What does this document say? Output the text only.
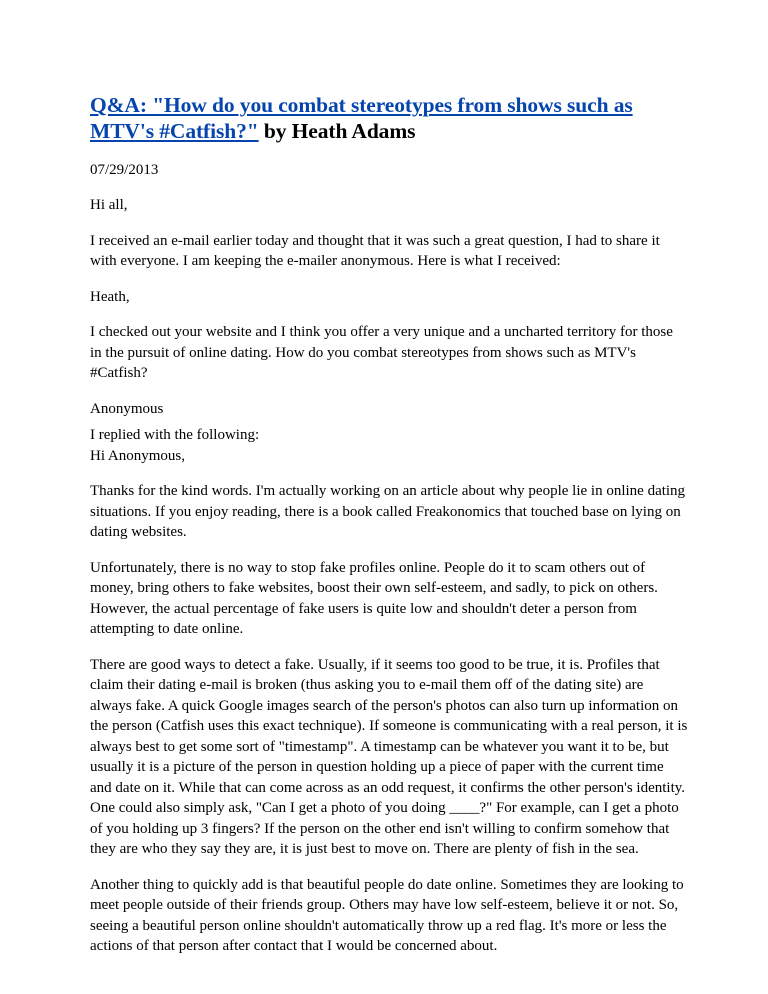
Q&A: "How do you combat stereotypes from shows such as MTV's #Catfish?" by Heath Adams
07/29/2013

Hi all,

I received an e-mail earlier today and thought that it was such a great question, I had to share it with everyone. I am keeping the e-mailer anonymous. Here is what I received:

Heath,

I checked out your website and I think you offer a very unique and a uncharted territory for those in the pursuit of online dating. How do you combat stereotypes from shows such as MTV's #Catfish?

Anonymous

I replied with the following:

Hi Anonymous,

Thanks for the kind words. I'm actually working on an article about why people lie in online dating situations. If you enjoy reading, there is a book called Freakonomics that touched base on lying on dating websites.

Unfortunately, there is no way to stop fake profiles online. People do it to scam others out of money, bring others to fake websites, boost their own self-esteem, and sadly, to pick on others. However, the actual percentage of fake users is quite low and shouldn't deter a person from attempting to date online.

There are good ways to detect a fake. Usually, if it seems too good to be true, it is. Profiles that claim their dating e-mail is broken (thus asking you to e-mail them off of the dating site) are always fake. A quick Google images search of the person's photos can also turn up information on the person (Catfish uses this exact technique). If someone is communicating with a real person, it is always best to get some sort of "timestamp". A timestamp can be whatever you want it to be, but usually it is a picture of the person in question holding up a piece of paper with the current time and date on it. While that can come across as an odd request, it confirms the other person's identity. One could also simply ask, "Can I get a photo of you doing ____?" For example, can I get a photo of you holding up 3 fingers? If the person on the other end isn't willing to confirm somehow that they are who they say they are, it is just best to move on. There are plenty of fish in the sea.

Another thing to quickly add is that beautiful people do date online. Sometimes they are looking to meet people outside of their friends group. Others may have low self-esteem, believe it or not. So, seeing a beautiful person online shouldn't automatically throw up a red flag. It's more or less the actions of that person after contact that I would be concerned about.
